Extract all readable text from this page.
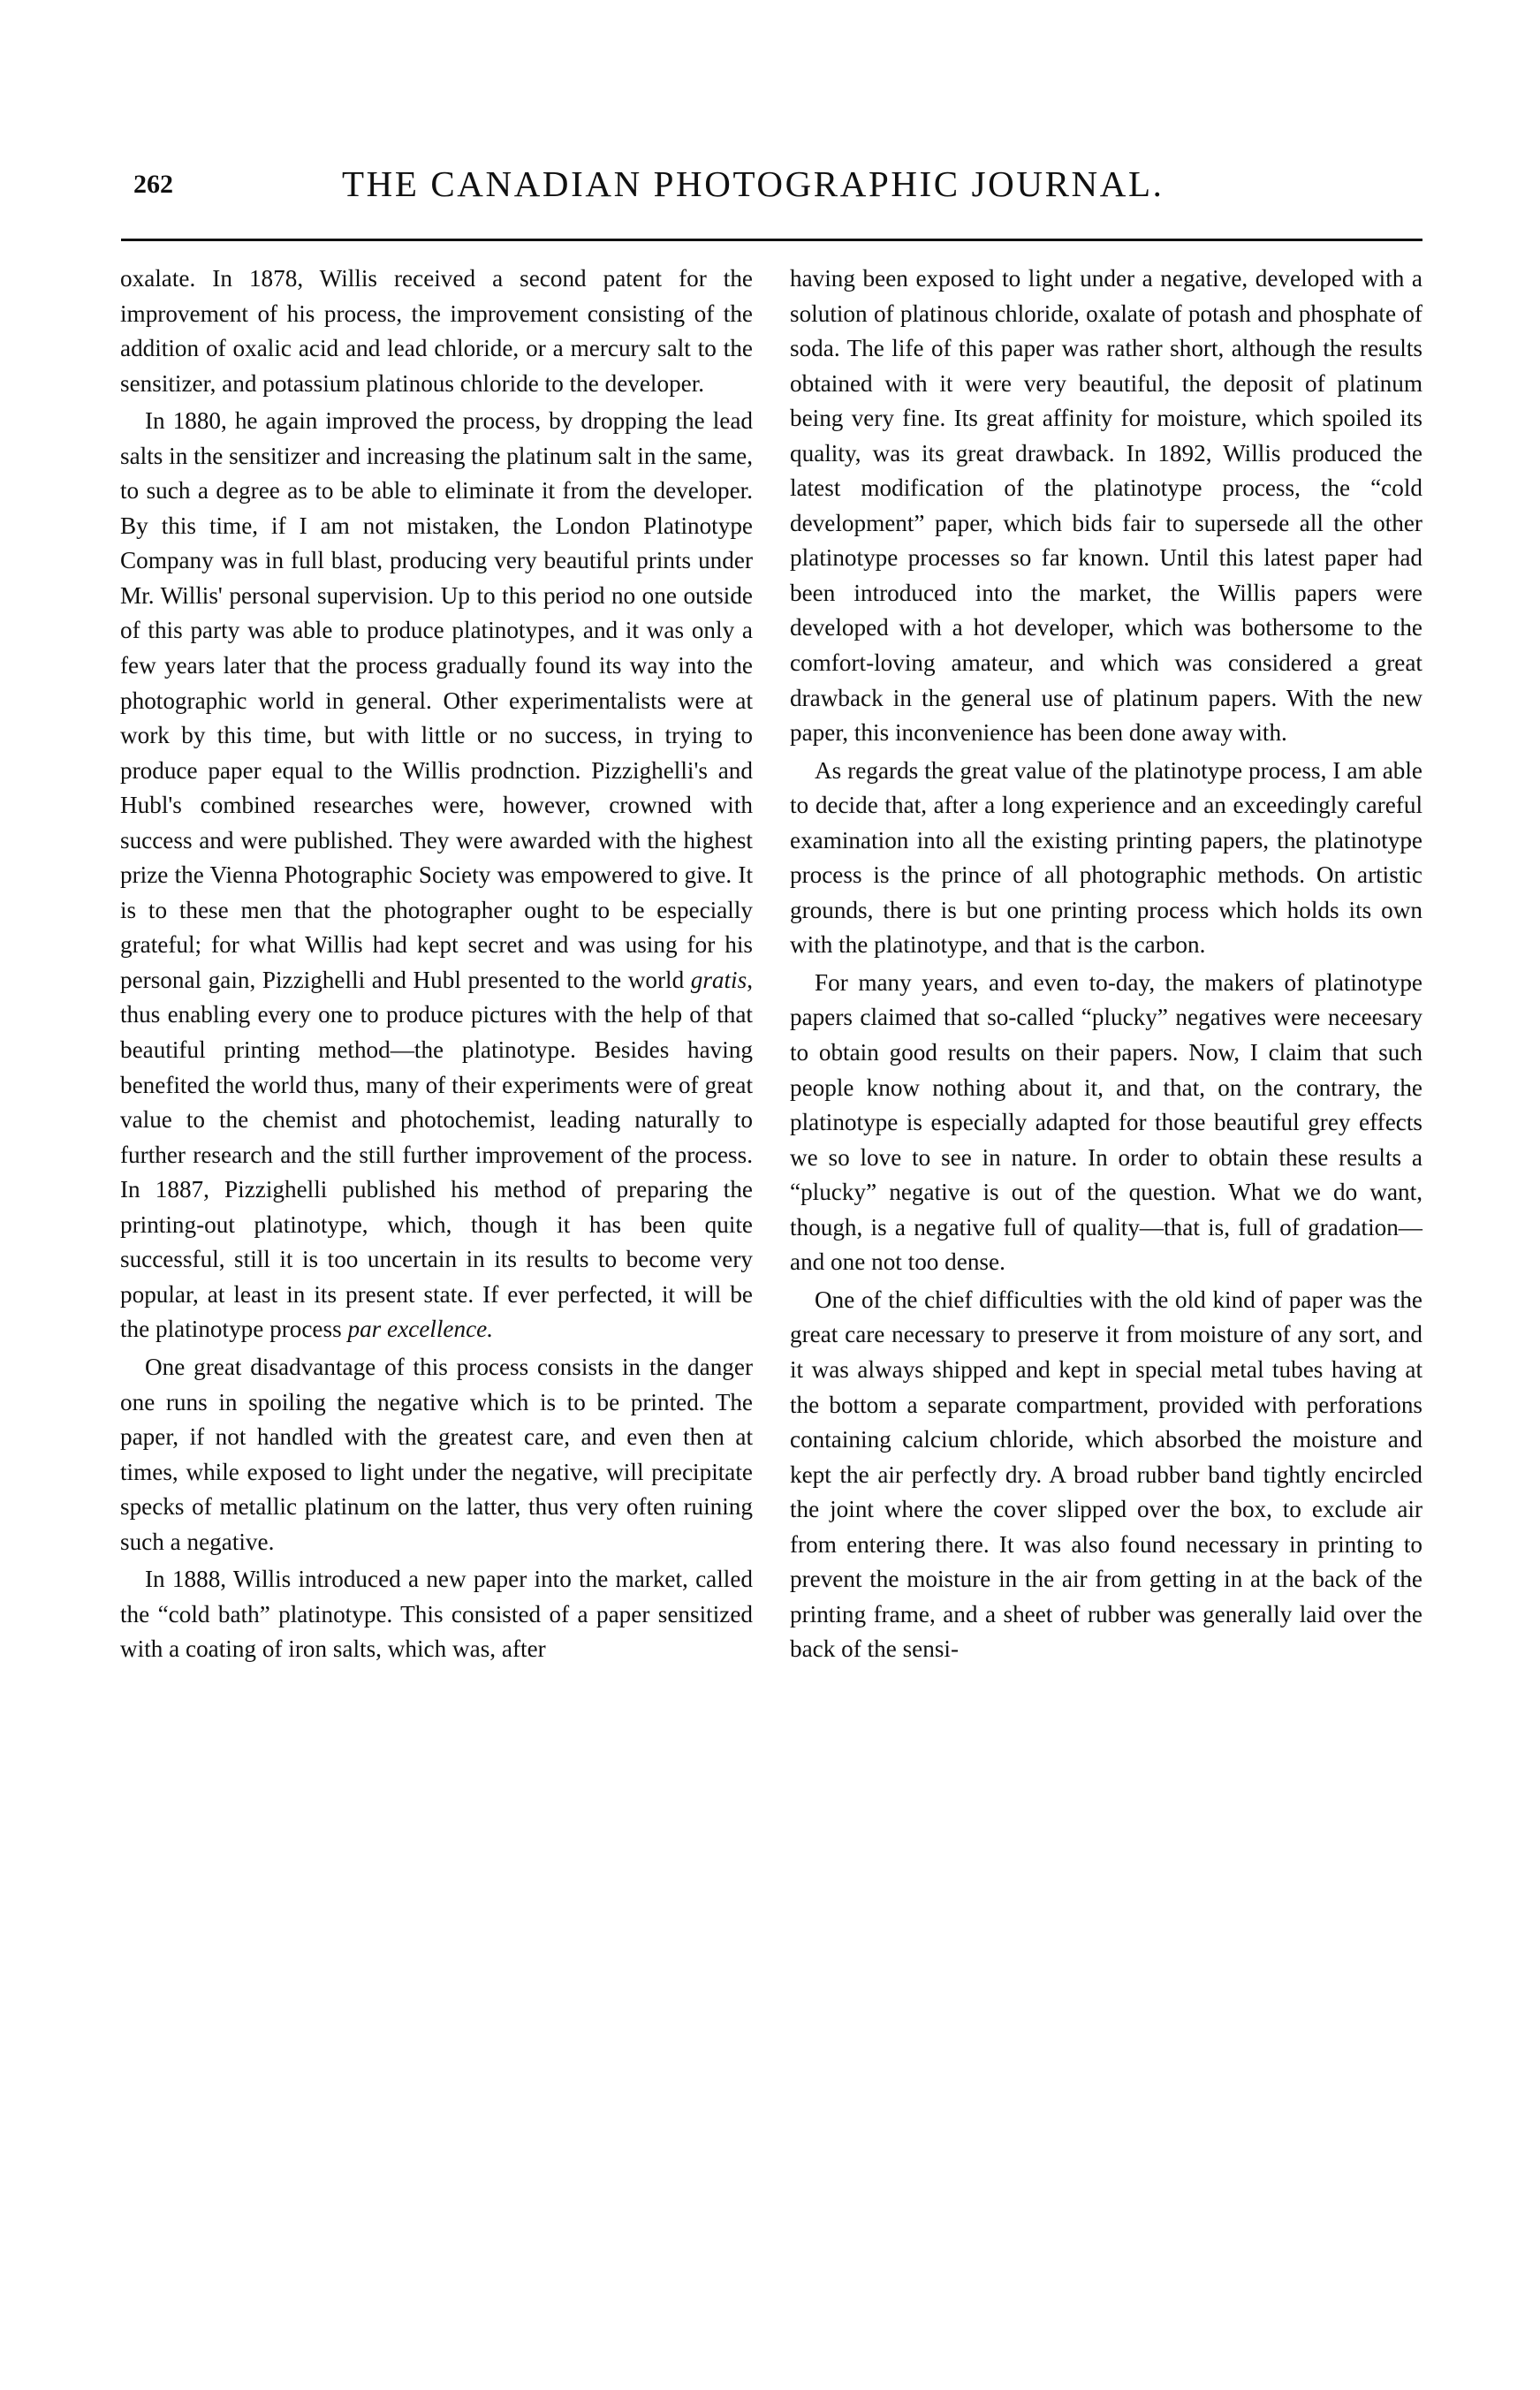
262	THE CANADIAN PHOTOGRAPHIC JOURNAL.

oxalate. In 1878, Willis received a second patent for the improvement of his process, the improvement consisting of the addition of oxalic acid and lead chloride, or a mercury salt to the sensitizer, and potassium platinous chloride to the developer.

In 1880, he again improved the process, by dropping the lead salts in the sensitizer and increasing the platinum salt in the same, to such a degree as to be able to eliminate it from the developer. By this time, if I am not mistaken, the London Platinotype Company was in full blast, producing very beautiful prints under Mr. Willis' personal supervision. Up to this period no one outside of this party was able to produce platinotypes, and it was only a few years later that the process gradually found its way into the photographic world in general. Other experimentalists were at work by this time, but with little or no success, in trying to produce paper equal to the Willis prodnction. Pizzighelli's and Hubl's combined researches were, however, crowned with success and were published. They were awarded with the highest prize the Vienna Photographic Society was empowered to give. It is to these men that the photographer ought to be especially grateful; for what Willis had kept secret and was using for his personal gain, Pizzighelli and Hubl presented to the world gratis, thus enabling every one to produce pictures with the help of that beautiful printing method—the platinotype. Besides having benefited the world thus, many of their experiments were of great value to the chemist and photochemist, leading naturally to further research and the still further improvement of the process. In 1887, Pizzighelli published his method of preparing the printing-out platinotype, which, though it has been quite successful, still it is too uncertain in its results to become very popular, at least in its present state. If ever perfected, it will be the platinotype process par excellence.

One great disadvantage of this process consists in the danger one runs in spoiling the negative which is to be printed. The paper, if not handled with the greatest care, and even then at times, while exposed to light under the negative, will precipitate specks of metallic platinum on the latter, thus very often ruining such a negative.

In 1888, Willis introduced a new paper into the market, called the “cold bath” platinotype. This consisted of a paper sensitized with a coating of iron salts, which was, after

having been exposed to light under a negative, developed with a solution of platinous chloride, oxalate of potash and phosphate of soda. The life of this paper was rather short, although the results obtained with it were very beautiful, the deposit of platinum being very fine. Its great affinity for moisture, which spoiled its quality, was its great drawback. In 1892, Willis produced the latest modification of the platinotype process, the “cold development” paper, which bids fair to supersede all the other platinotype processes so far known. Until this latest paper had been introduced into the market, the Willis papers were developed with a hot developer, which was bothersome to the comfort-loving amateur, and which was considered a great drawback in the general use of platinum papers. With the new paper, this inconvenience has been done away with.

As regards the great value of the platinotype process, I am able to decide that, after a long experience and an exceedingly careful examination into all the existing printing papers, the platinotype process is the prince of all photographic methods. On artistic grounds, there is but one printing process which holds its own with the platinotype, and that is the carbon.

For many years, and even to-day, the makers of platinotype papers claimed that so-called “plucky” negatives were neceesary to obtain good results on their papers. Now, I claim that such people know nothing about it, and that, on the contrary, the platinotype is especially adapted for those beautiful grey effects we so love to see in nature. In order to obtain these results a “plucky” negative is out of the question. What we do want, though, is a negative full of quality—that is, full of gradation—and one not too dense.

One of the chief difficulties with the old kind of paper was the great care necessary to preserve it from moisture of any sort, and it was always shipped and kept in special metal tubes having at the bottom a separate compartment, provided with perforations containing calcium chloride, which absorbed the moisture and kept the air perfectly dry. A broad rubber band tightly encircled the joint where the cover slipped over the box, to exclude air from entering there. It was also found necessary in printing to prevent the moisture in the air from getting in at the back of the printing frame, and a sheet of rubber was generally laid over the back of the sensi-
